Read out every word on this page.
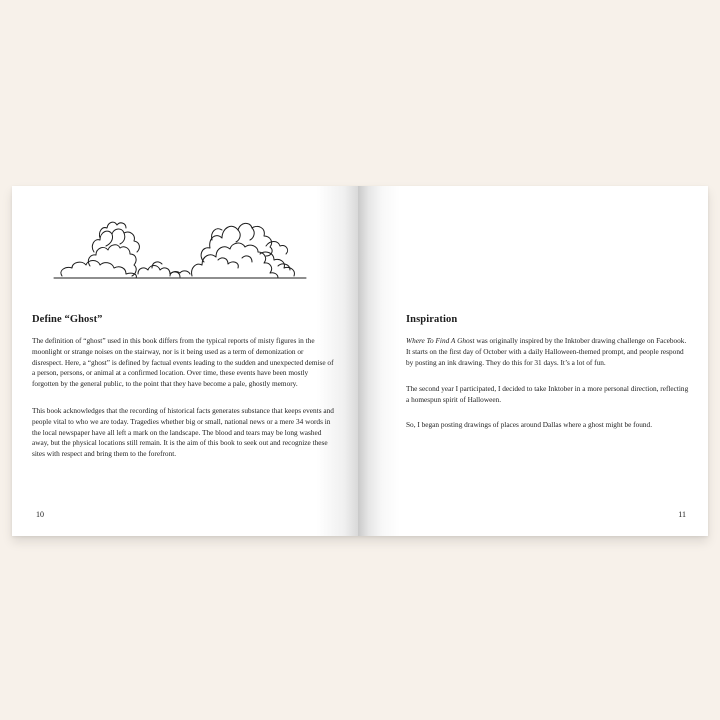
Define “Ghost”

The definition of “ghost” used in this book differs from the typical reports of misty figures in the moonlight or strange noises on the stairway, nor is it being used as a term of demonization or disrespect. Here, a “ghost” is defined by factual events leading to the sudden and unexpected demise of a person, persons, or animal at a confirmed location. Over time, these events have been mostly forgotten by the general public, to the point that they have become a pale, ghostly memory.

This book acknowledges that the recording of historical facts generates substance that keeps events and people vital to who we are today. Tragedies whether big or small, national news or a mere 34 words in the local newspaper have all left a mark on the landscape. The blood and tears may be long washed away, but the physical locations still remain. It is the aim of this book to seek out and recognize these sites with respect and bring them to the forefront.

10
Inspiration

Where To Find A Ghost was originally inspired by the Inktober drawing challenge on Facebook. It starts on the first day of October with a daily Halloween-themed prompt, and people respond by posting an ink drawing. They do this for 31 days. It’s a lot of fun.

The second year I participated, I decided to take Inktober in a more personal direction, reflecting a homespun spirit of Halloween.

So, I began posting drawings of places around Dallas where a ghost might be found.

11
